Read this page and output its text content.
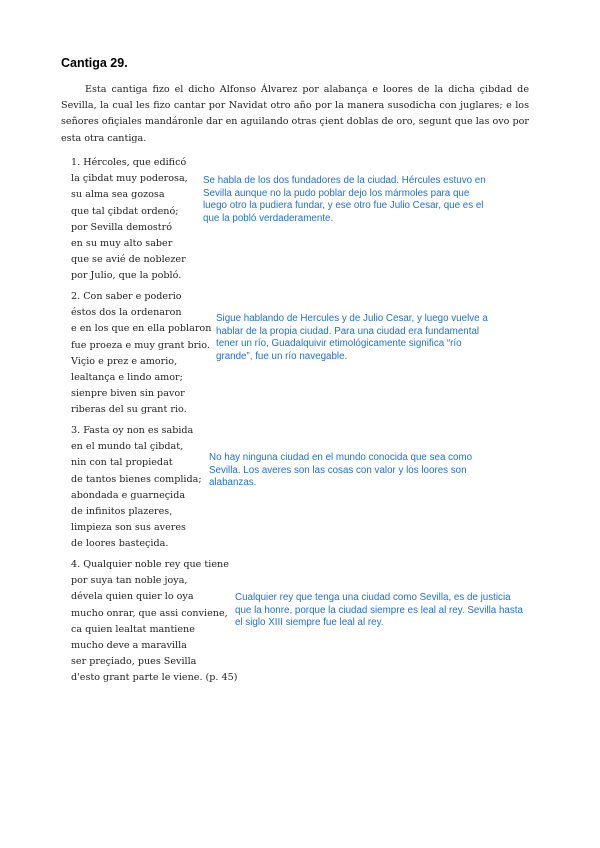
Cantiga 29.
Esta cantiga fizo el dicho Alfonso Álvarez por alabança e loores de la dicha çibdad de Sevilla, la cual les fizo cantar por Navidat otro año por la manera susodicha con juglares; e los señores ofiçiales mandáronle dar en aguilando otras çient doblas de oro, segunt que las ovo por esta otra cantiga.
1. Hércoles, que edificó
la çibdat muy poderosa,
su alma sea gozosa
que tal çibdat ordenó;
por Sevilla demostró
en su muy alto saber
que se avié de noblezer
por Julio, que la pobló.
Se habla de los dos fundadores de la ciudad. Hércules estuvo en Sevilla aunque no la pudo poblar dejo los mármoles para que luego otro la pudiera fundar, y ese otro fue Julio Cesar, que es el que la pobló verdaderamente.
2. Con saber e poderio
éstos dos la ordenaron
e en los que en ella poblaron
fue proeza e muy grant brio.
Viçio e prez e amorio,
lealtança e lindo amor;
sienpre biven sin pavor
riberas del su grant rio.
Sigue hablando de Hercules y de Julio Cesar, y luego vuelve a hablar de la propia ciudad. Para una ciudad era fundamental tener un río, Guadalquivir etimológicamente significa “río grande”, fue un río navegable.
3. Fasta oy non es sabida
en el mundo tal çibdat,
nin con tal propiedat
de tantos bienes complida;
abondada e guarneçida
de infinitos plazeres,
limpieza son sus averes
de loores basteçida.
No hay ninguna ciudad en el mundo conocida que sea como Sevilla. Los averes son las cosas con valor y los loores son alabanzas.
4. Qualquier noble rey que tiene
por suya tan noble joya,
dévela quien quier lo oya
mucho onrar, que assi conviene,
ca quien lealtat mantiene
mucho deve a maravilla
ser preçiado, pues Sevilla
d'esto grant parte le viene. (p. 45)
Cualquier rey que tenga una ciudad como Sevilla, es de justicia que la honre, porque la ciudad siempre es leal al rey. Sevilla hasta el siglo XIII siempre fue leal al rey.
